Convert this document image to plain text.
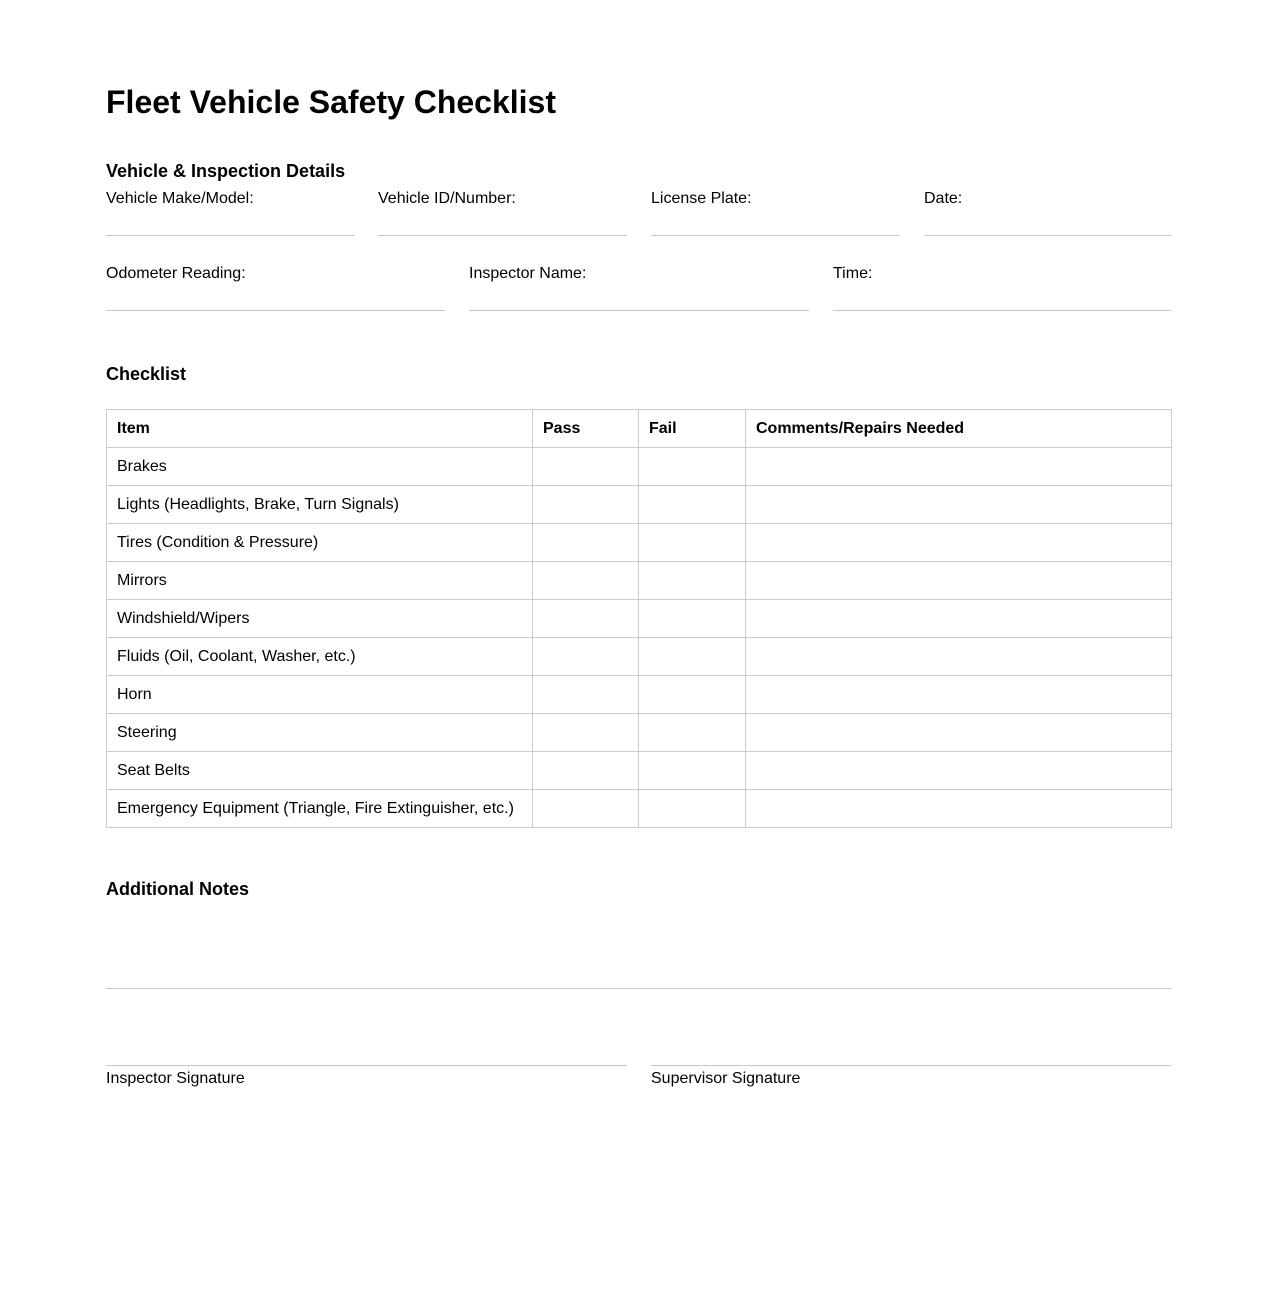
Fleet Vehicle Safety Checklist
Vehicle & Inspection Details
Vehicle Make/Model:	Vehicle ID/Number:	License Plate:	Date:
Odometer Reading:	Inspector Name:	Time:
Checklist
Item	Pass	Fail	Comments/Repairs Needed
Brakes			
Lights (Headlights, Brake, Turn Signals)			
Tires (Condition & Pressure)			
Mirrors			
Windshield/Wipers			
Fluids (Oil, Coolant, Washer, etc.)			
Horn			
Steering			
Seat Belts			
Emergency Equipment (Triangle, Fire Extinguisher, etc.)			
Additional Notes
Inspector Signature	Supervisor Signature
